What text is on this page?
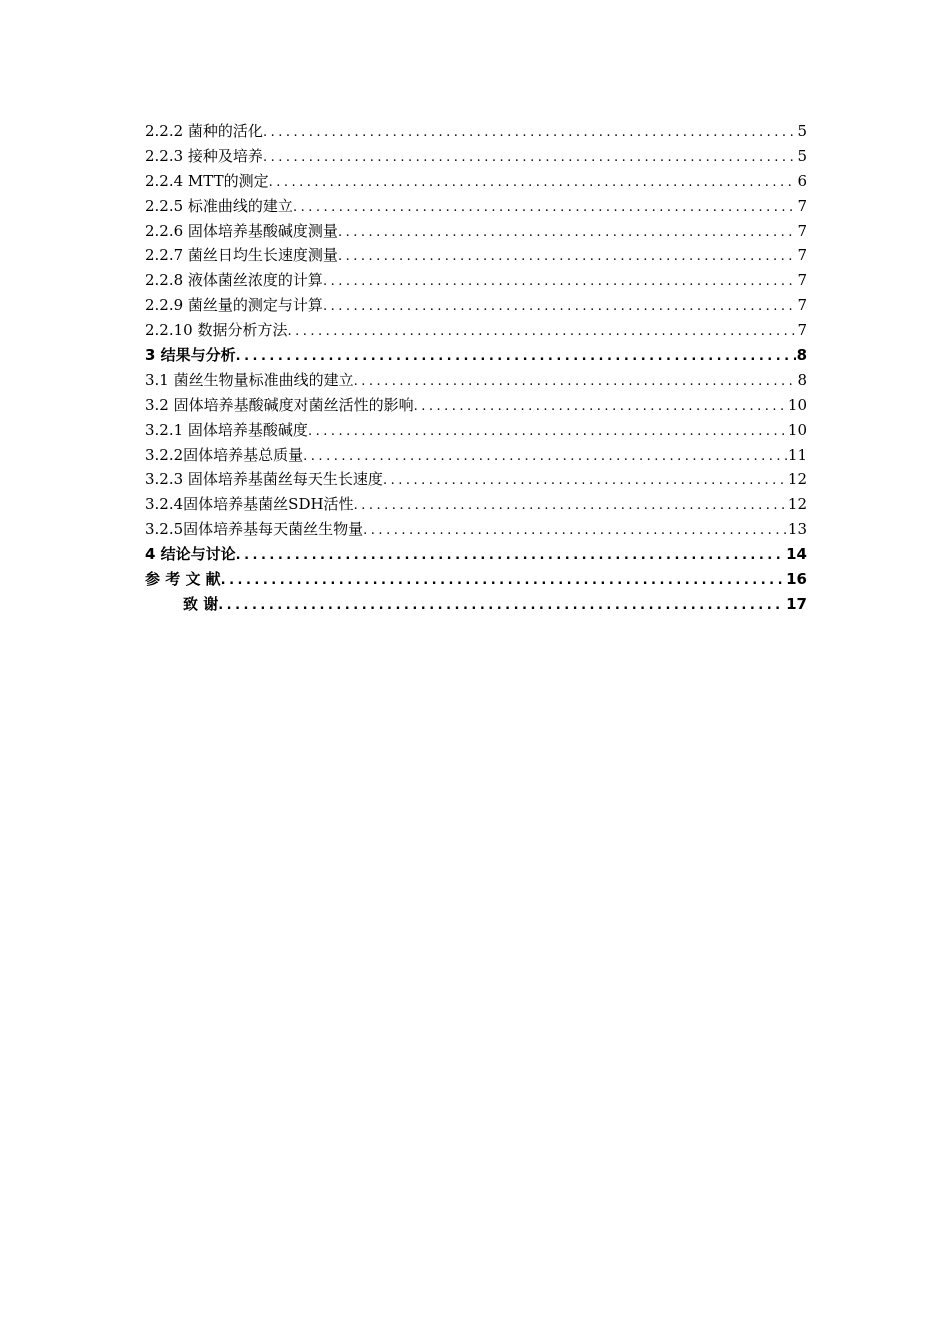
2.2.2 菌种的活化 .....	5
2.2.3 接种及培养 .....	5
2.2.4 MTT的测定 .....	6
2.2.5 标准曲线的建立 .....	7
2.2.6 固体培养基酸碱度测量 .....	7
2.2.7 菌丝日均生长速度测量 .....	7
2.2.8 液体菌丝浓度的计算 .....	7
2.2.9 菌丝量的测定与计算 .....	7
2.2.10 数据分析方法 .....	7
3 结果与分析 .....	8
3.1 菌丝生物量标准曲线的建立 .....	8
3.2 固体培养基酸碱度对菌丝活性的影响 .....	10
3.2.1 固体培养基酸碱度 .....	10
3.2.2固体培养基总质量 .....	11
3.2.3 固体培养基菌丝每天生长速度 .....	12
3.2.4固体培养基菌丝SDH活性 .....	12
3.2.5固体培养基每天菌丝生物量 .....	13
4 结论与讨论 .....	14
参 考 文 献 .....	16
致 谢 .....	17
